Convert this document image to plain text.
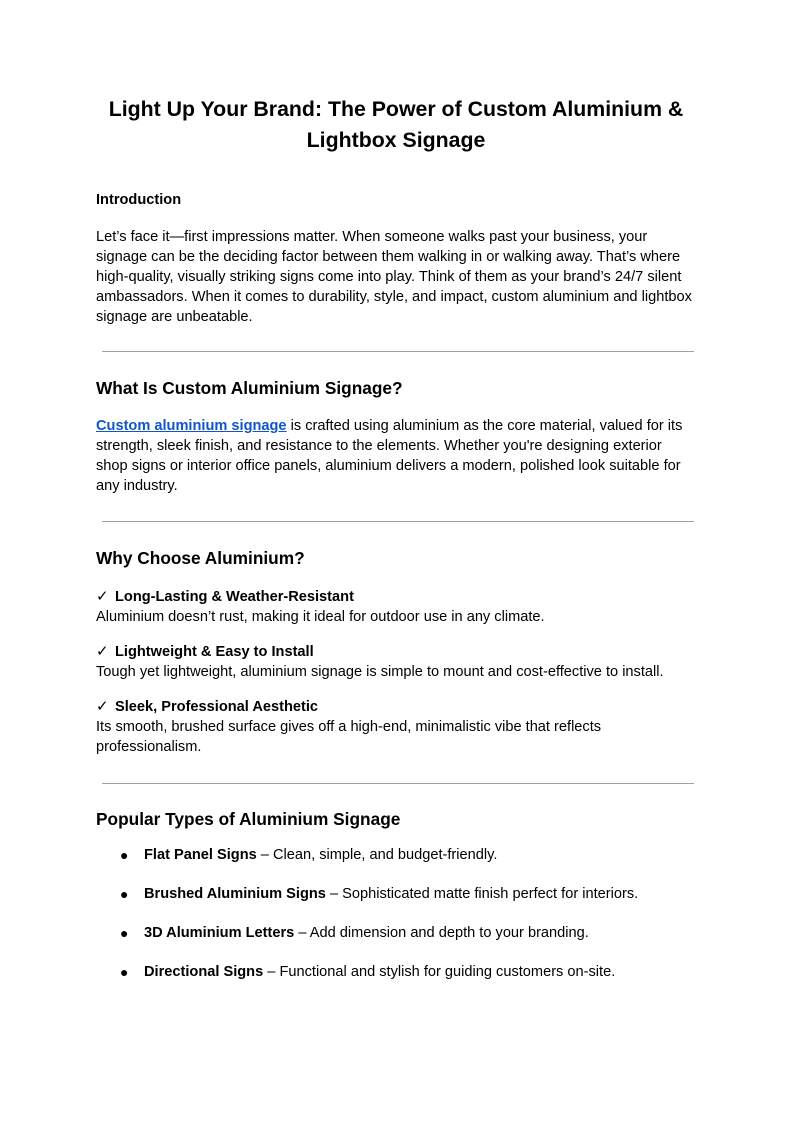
Light Up Your Brand: The Power of Custom Aluminium & Lightbox Signage
Introduction

Let’s face it—first impressions matter. When someone walks past your business, your signage can be the deciding factor between them walking in or walking away. That’s where high-quality, visually striking signs come into play. Think of them as your brand’s 24/7 silent ambassadors. When it comes to durability, style, and impact, custom aluminium and lightbox signage are unbeatable.

What Is Custom Aluminium Signage?

Custom aluminium signage is crafted using aluminium as the core material, valued for its strength, sleek finish, and resistance to the elements. Whether you're designing exterior shop signs or interior office panels, aluminium delivers a modern, polished look suitable for any industry.

Why Choose Aluminium?
✓ Long-Lasting & Weather-Resistant
Aluminium doesn’t rust, making it ideal for outdoor use in any climate.
✓ Lightweight & Easy to Install
Tough yet lightweight, aluminium signage is simple to mount and cost-effective to install.
✓ Sleek, Professional Aesthetic
Its smooth, brushed surface gives off a high-end, minimalistic vibe that reflects professionalism.
Popular Types of Aluminium Signage
● Flat Panel Signs – Clean, simple, and budget-friendly.
● Brushed Aluminium Signs – Sophisticated matte finish perfect for interiors.
● 3D Aluminium Letters – Add dimension and depth to your branding.
● Directional Signs – Functional and stylish for guiding customers on-site.
